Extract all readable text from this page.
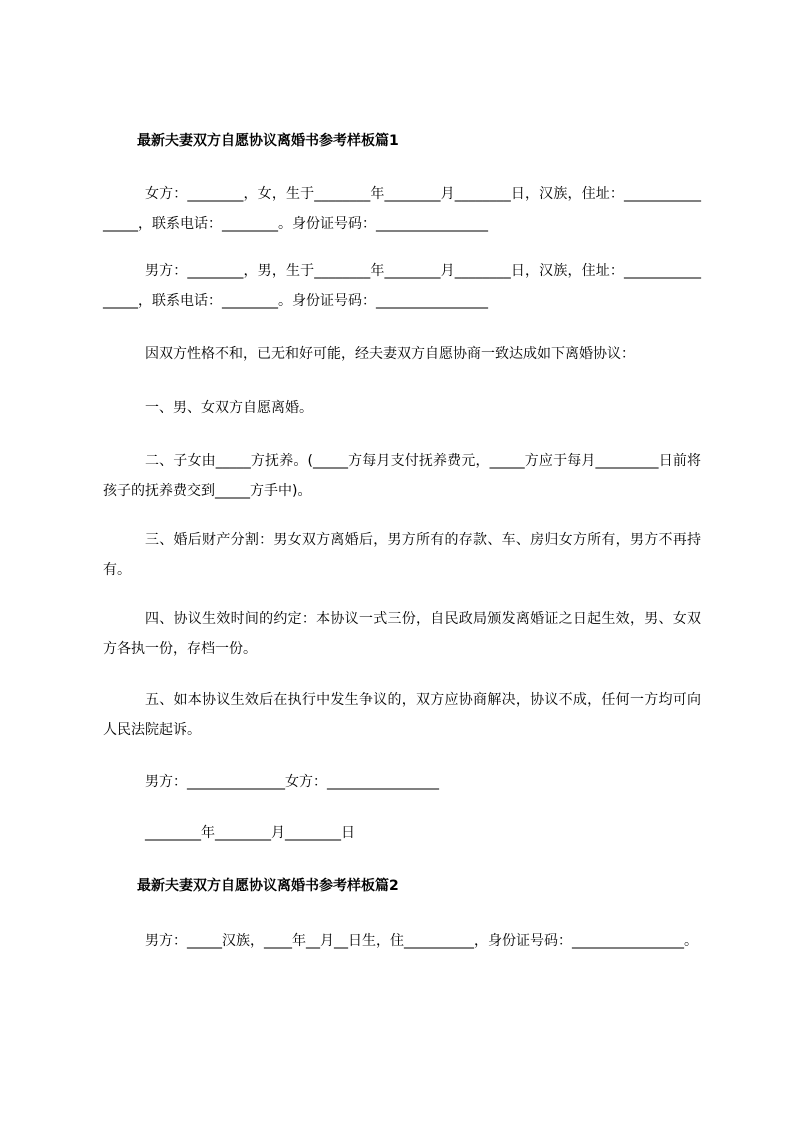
最新夫妻双方自愿协议离婚书参考样板篇1
女方：________，女，生于________年________月________日，汉族，住址：________________，联系电话：________。身份证号码：________________
男方：________，男，生于________年________月________日，汉族，住址：________________，联系电话：________。身份证号码：________________
因双方性格不和，已无和好可能，经夫妻双方自愿协商一致达成如下离婚协议：
一、男、女双方自愿离婚。
二、子女由_____方抚养。(_____方每月支付抚养费元，_____方应于每月_________日前将孩子的抚养费交到_____方手中)。
三、婚后财产分割：男女双方离婚后，男方所有的存款、车、房归女方所有，男方不再持有。
四、协议生效时间的约定：本协议一式三份，自民政局颁发离婚证之日起生效，男、女双方各执一份，存档一份。
五、如本协议生效后在执行中发生争议的，双方应协商解决，协议不成，任何一方均可向人民法院起诉。
男方：______________女方：________________
________年________月________日
最新夫妻双方自愿协议离婚书参考样板篇2
男方：_____汉族，____年__月__日生，住__________，身份证号码：________________。
